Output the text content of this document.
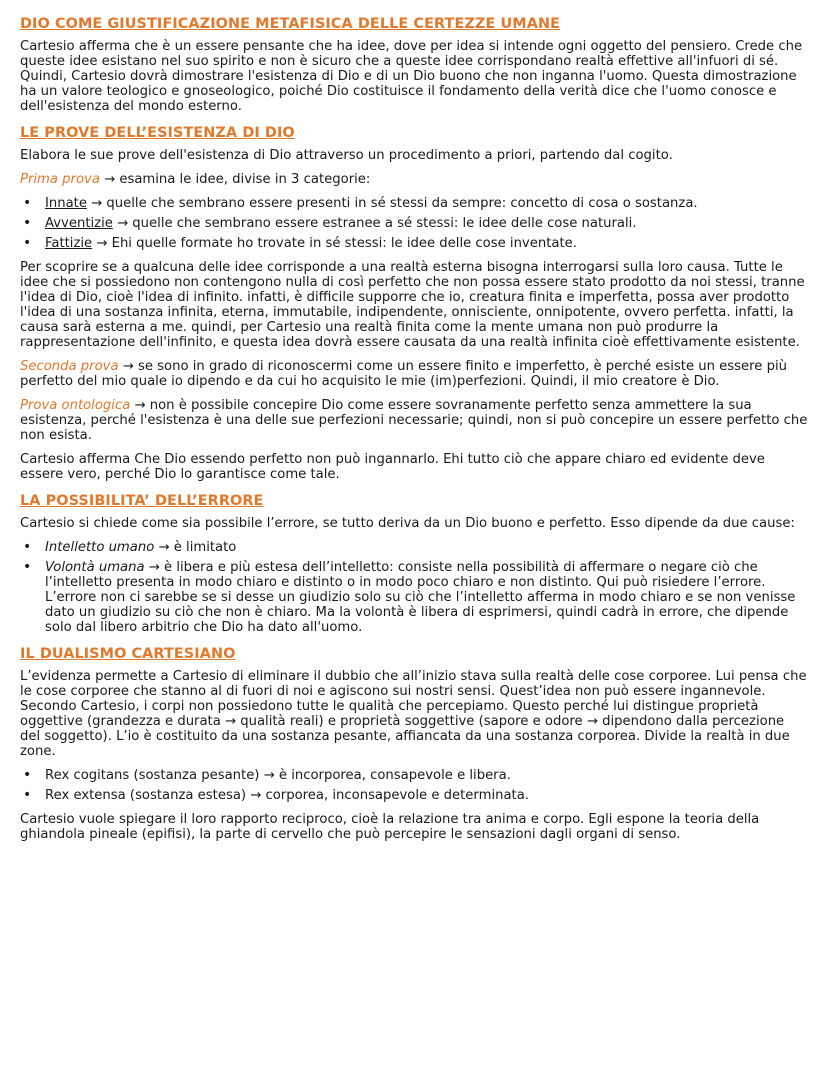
DIO COME GIUSTIFICAZIONE METAFISICA DELLE CERTEZZE UMANE

Cartesio afferma che è un essere pensante che ha idee, dove per idea si intende ogni oggetto del pensiero. Crede che queste idee esistano nel suo spirito e non è sicuro che a queste idee corrispondano realtà effettive all'infuori di sé. Quindi, Cartesio dovrà dimostrare l'esistenza di Dio e di un Dio buono che non inganna l'uomo. Questa dimostrazione ha un valore teologico e gnoseologico, poiché Dio costituisce il fondamento della verità dice che l'uomo conosce e dell'esistenza del mondo esterno.

LE PROVE DELL’ESISTENZA DI DIO

Elabora le sue prove dell'esistenza di Dio attraverso un procedimento a priori, partendo dal cogito.

Prima prova → esamina le idee, divise in 3 categorie:

• Innate → quelle che sembrano essere presenti in sé stessi da sempre: concetto di cosa o sostanza.
• Avventizie → quelle che sembrano essere estranee a sé stessi: le idee delle cose naturali.
• Fattizie → Ehi quelle formate ho trovate in sé stessi: le idee delle cose inventate.

Per scoprire se a qualcuna delle idee corrisponde a una realtà esterna bisogna interrogarsi sulla loro causa. Tutte le idee che si possiedono non contengono nulla di così perfetto che non possa essere stato prodotto da noi stessi, tranne l'idea di Dio, cioè l'idea di infinito. infatti, è difficile supporre che io, creatura finita e imperfetta, possa aver prodotto l'idea di una sostanza infinita, eterna, immutabile, indipendente, onnisciente, onnipotente, ovvero perfetta. infatti, la causa sarà esterna a me. quindi, per Cartesio una realtà finita come la mente umana non può produrre la rappresentazione dell'infinito, e questa idea dovrà essere causata da una realtà infinita cioè effettivamente esistente.

Seconda prova → se sono in grado di riconoscermi come un essere finito e imperfetto, è perché esiste un essere più perfetto del mio quale io dipendo e da cui ho acquisito le mie (im)perfezioni. Quindi, il mio creatore è Dio.

Prova ontologica → non è possibile concepire Dio come essere sovranamente perfetto senza ammettere la sua esistenza, perché l'esistenza è una delle sue perfezioni necessarie; quindi, non si può concepire un essere perfetto che non esista.

Cartesio afferma Che Dio essendo perfetto non può ingannarlo. Ehi tutto ciò che appare chiaro ed evidente deve essere vero, perché Dio lo garantisce come tale.

LA POSSIBILITA’ DELL’ERRORE

Cartesio si chiede come sia possibile l’errore, se tutto deriva da un Dio buono e perfetto. Esso dipende da due cause:

• Intelletto umano → è limitato
• Volontà umana → è libera e più estesa dell’intelletto: consiste nella possibilità di affermare o negare ciò che l’intelletto presenta in modo chiaro e distinto o in modo poco chiaro e non distinto. Qui può risiedere l’errore. L’errore non ci sarebbe se si desse un giudizio solo su ciò che l’intelletto afferma in modo chiaro e se non venisse dato un giudizio su ciò che non è chiaro. Ma la volontà è libera di esprimersi, quindi cadrà in errore, che dipende solo dal libero arbitrio che Dio ha dato all'uomo.
IL DUALISMO CARTESIANO

L’evidenza permette a Cartesio di eliminare il dubbio che all’inizio stava sulla realtà delle cose corporee. Lui pensa che le cose corporee che stanno al di fuori di noi e agiscono sui nostri sensi. Quest’idea non può essere ingannevole. Secondo Cartesio, i corpi non possiedono tutte le qualità che percepiamo. Questo perché lui distingue proprietà oggettive (grandezza e durata → qualità reali) e proprietà soggettive (sapore e odore → dipendono dalla percezione del soggetto). L’io è costituito da una sostanza pesante, affiancata da una sostanza corporea. Divide la realtà in due zone.

• Rex cogitans (sostanza pesante) → è incorporea, consapevole e libera.
• Rex extensa (sostanza estesa) → corporea, inconsapevole e determinata.

Cartesio vuole spiegare il loro rapporto reciproco, cioè la relazione tra anima e corpo. Egli espone la teoria della ghiandola pineale (epifisi), la parte di cervello che può percepire le sensazioni dagli organi di senso.
